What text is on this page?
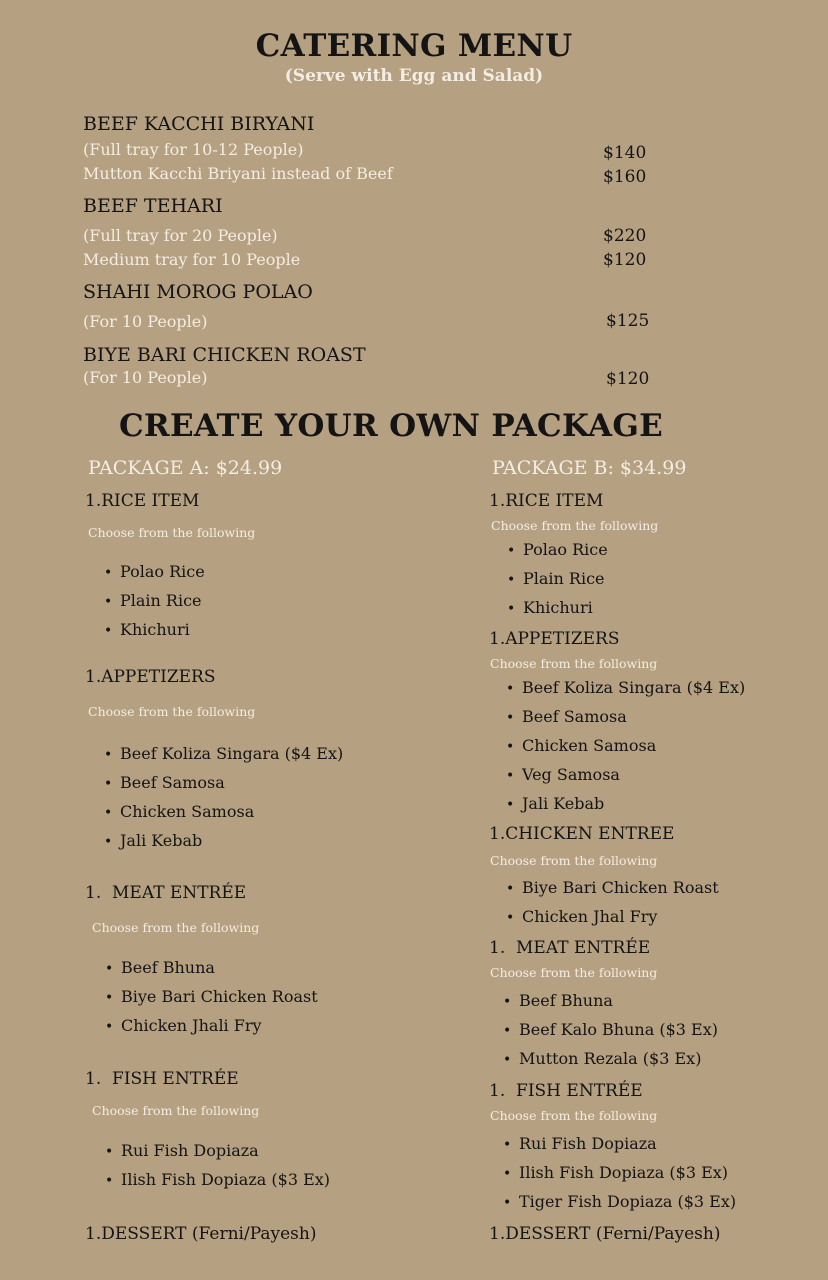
CATERING MENU
(Serve with Egg and Salad)
BEEF KACCHI BIRYANI
(Full tray for 10-12 People)	$140
Mutton Kacchi Briyani instead of Beef	$160
BEEF TEHARI
(Full tray for 20 People)	$220
Medium tray for 10 People	$120
SHAHI MOROG POLAO
(For 10 People)	$125
BIYE BARI CHICKEN ROAST
(For 10 People)	$120
CREATE YOUR OWN PACKAGE
PACKAGE A: $24.99
1.RICE ITEM
Choose from the following
• Polao Rice
• Plain Rice
• Khichuri
1.APPETIZERS
Choose from the following
• Beef Koliza Singara ($4 Ex)
• Beef Samosa
• Chicken Samosa
• Jali Kebab
1.  MEAT ENTRÉE
Choose from the following
• Beef Bhuna
• Biye Bari Chicken Roast
• Chicken Jhali Fry
1.  FISH ENTRÉE
Choose from the following
• Rui Fish Dopiaza
• Ilish Fish Dopiaza ($3 Ex)
1.DESSERT (Ferni/Payesh)
PACKAGE B: $34.99
1.RICE ITEM
Choose from the following
• Polao Rice
• Plain Rice
• Khichuri
1.APPETIZERS
Choose from the following
• Beef Koliza Singara ($4 Ex)
• Beef Samosa
• Chicken Samosa
• Veg Samosa
• Jali Kebab
1.CHICKEN ENTREE
Choose from the following
• Biye Bari Chicken Roast
• Chicken Jhal Fry
1.  MEAT ENTRÉE
Choose from the following
• Beef Bhuna
• Beef Kalo Bhuna ($3 Ex)
• Mutton Rezala ($3 Ex)
1.  FISH ENTRÉE
Choose from the following
• Rui Fish Dopiaza
• Ilish Fish Dopiaza ($3 Ex)
• Tiger Fish Dopiaza ($3 Ex)
1.DESSERT (Ferni/Payesh)
